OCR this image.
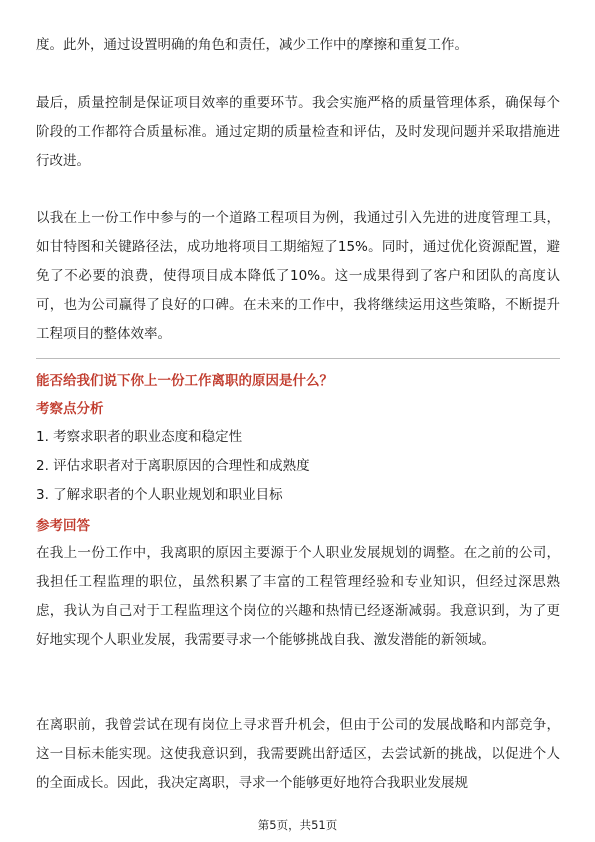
度。此外，通过设置明确的角色和责任，减少工作中的摩擦和重复工作。

最后，质量控制是保证项目效率的重要环节。我会实施严格的质量管理体系，确保每个阶段的工作都符合质量标准。通过定期的质量检查和评估，及时发现问题并采取措施进行改进。

以我在上一份工作中参与的一个道路工程项目为例，我通过引入先进的进度管理工具，如甘特图和关键路径法，成功地将项目工期缩短了15%。同时，通过优化资源配置，避免了不必要的浪费，使得项目成本降低了10%。这一成果得到了客户和团队的高度认可，也为公司赢得了良好的口碑。在未来的工作中，我将继续运用这些策略，不断提升工程项目的整体效率。

能否给我们说下你上一份工作离职的原因是什么？

考察点分析

1. 考察求职者的职业态度和稳定性

2. 评估求职者对于离职原因的合理性和成熟度

3. 了解求职者的个人职业规划和职业目标

参考回答

在我上一份工作中，我离职的原因主要源于个人职业发展规划的调整。在之前的公司，我担任工程监理的职位，虽然积累了丰富的工程管理经验和专业知识，但经过深思熟虑，我认为自己对于工程监理这个岗位的兴趣和热情已经逐渐减弱。我意识到，为了更好地实现个人职业发展，我需要寻求一个能够挑战自我、激发潜能的新领域。

在离职前，我曾尝试在现有岗位上寻求晋升机会，但由于公司的发展战略和内部竞争，这一目标未能实现。这使我意识到，我需要跳出舒适区，去尝试新的挑战，以促进个人的全面成长。因此，我决定离职，寻求一个能够更好地符合我职业发展规

第5页，共51页
